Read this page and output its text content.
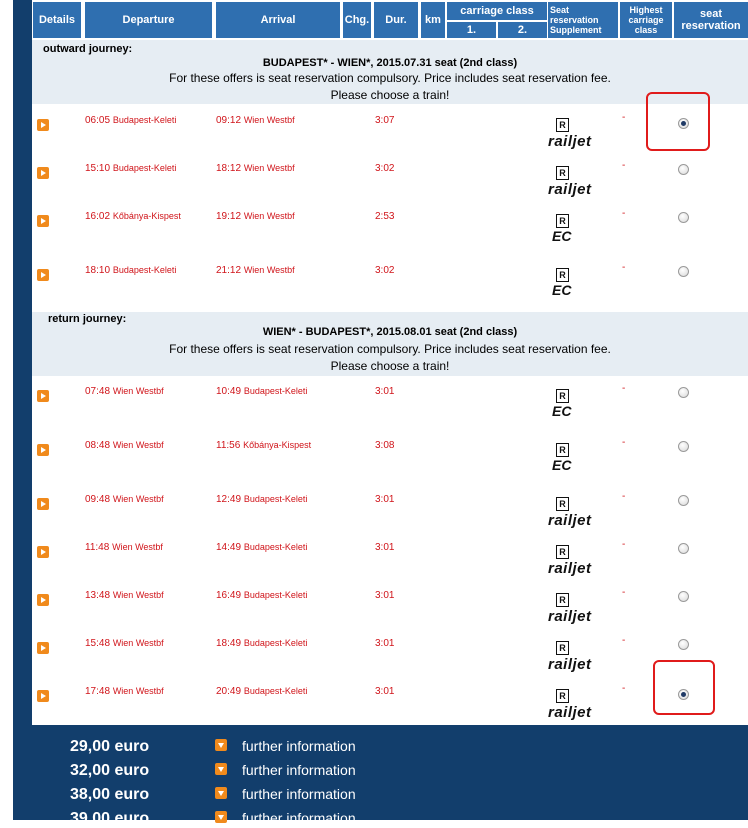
Details	Departure	Arrival	Chg.	Dur.	km
carriage class
1.	2.
Seat reservation Supplement
Highest carriage class
seat reservation
outward journey:
BUDAPEST* - WIEN*, 2015.07.31 seat (2nd class)
For these offers is seat reservation compulsory. Price includes seat reservation fee.
Please choose a train!
06:05 Budapest-Keleti	09:12 Wien Westbf	3:07	R
railjet
-
15:10 Budapest-Keleti	18:12 Wien Westbf	3:02	R
railjet
-
16:02 Kőbánya-Kispest	19:12 Wien Westbf	2:53	R
EC
-
18:10 Budapest-Keleti	21:12 Wien Westbf	3:02	R
EC
-
return journey:
WIEN* - BUDAPEST*, 2015.08.01 seat (2nd class)
For these offers is seat reservation compulsory. Price includes seat reservation fee.
Please choose a train!
07:48 Wien Westbf	10:49 Budapest-Keleti	3:01	R
EC
-
08:48 Wien Westbf	11:56 Kőbánya-Kispest	3:08	R
EC
-
09:48 Wien Westbf	12:49 Budapest-Keleti	3:01	R
railjet
-
11:48 Wien Westbf	14:49 Budapest-Keleti	3:01	R
railjet
-
13:48 Wien Westbf	16:49 Budapest-Keleti	3:01	R
railjet
-
15:48 Wien Westbf	18:49 Budapest-Keleti	3:01	R
railjet
-
17:48 Wien Westbf	20:49 Budapest-Keleti	3:01	R
railjet
-
29,00 euro	further information
32,00 euro	further information
38,00 euro	further information
39,00 euro	further information
